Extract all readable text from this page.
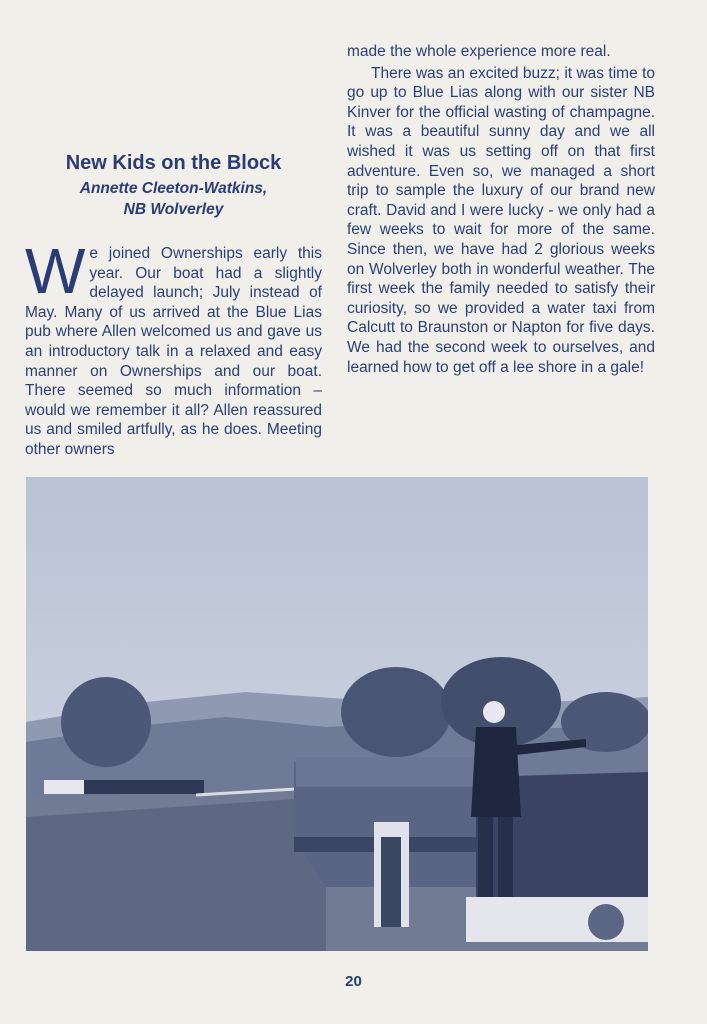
New Kids on the Block
Annette Cleeton-Watkins,
NB Wolverley

We joined Ownerships early this year. Our boat had a slightly delayed launch; July instead of May. Many of us arrived at the Blue Lias pub where Allen welcomed us and gave us an introductory talk in a relaxed and easy manner on Ownerships and our boat. There seemed so much information – would we remember it all? Allen reassured us and smiled artfully, as he does. Meeting other owners

made the whole experience more real.

There was an excited buzz; it was time to go up to Blue Lias along with our sister NB Kinver for the official wasting of champagne. It was a beautiful sunny day and we all wished it was us setting off on that first adventure. Even so, we managed a short trip to sample the luxury of our brand new craft. David and I were lucky - we only had a few weeks to wait for more of the same. Since then, we have had 2 glorious weeks on Wolverley both in wonderful weather. The first week the family needed to satisfy their curiosity, so we provided a water taxi from Calcutt to Braunston or Napton for five days. We had the second week to ourselves, and learned how to get off a lee shore in a gale!

20
